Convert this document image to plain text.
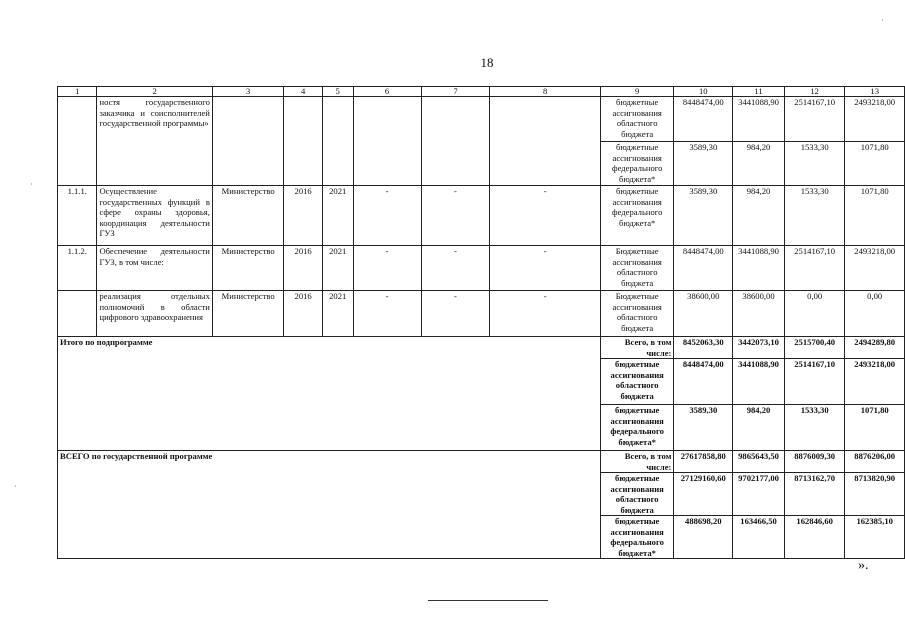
18
1	2	3	4	5	6	7	8	9	10	11	12	13
	ностя государственного заказчика и соисполнителей государственной программы»							бюджетные ассигнования областного бюджета	8448474,00	3441088,90	2514167,10	2493218,00
								бюджетные ассигнования федерального бюджета*	3589,30	984,20	1533,30	1071,80
1.1.1.	Осуществление государственных функций в сфере охраны здоровья, координация деятельности ГУЗ	Министерство	2016	2021	-	-	-	бюджетные ассигнования федерального бюджета*	3589,30	984,20	1533,30	1071,80
1.1.2.	Обеспечение деятельности ГУЗ, в том числе:	Министерство	2016	2021	-	-	-	Бюджетные ассигнования областного бюджета	8448474,00	3441088,90	2514167,10	2493218,00
	реализация отдельных полномочий в области цифрового здравоохранения	Министерство	2016	2021	-	-	-	Бюджетные ассигнования областного бюджета	38600,00	38600,00	0,00	0,00
Итого по подпрограмме								Всего, в том числе:	8452063,30	3442073,10	2515700,40	2494289,80
								бюджетные ассигнования областного бюджета	8448474,00	3441088,90	2514167,10	2493218,00
								бюджетные ассигнования федерального бюджета*	3589,30	984,20	1533,30	1071,80
ВСЕГО по государственной программе								Всего, в том числе:	27617858,80	9865643,50	8876009,30	8876206,00
								бюджетные ассигнования областного бюджета	27129160,60	9702177,00	8713162,70	8713820,90
								бюджетные ассигнования федерального бюджета*	488698,20	163466,50	162846,60	162385,10
».
·
·
·
